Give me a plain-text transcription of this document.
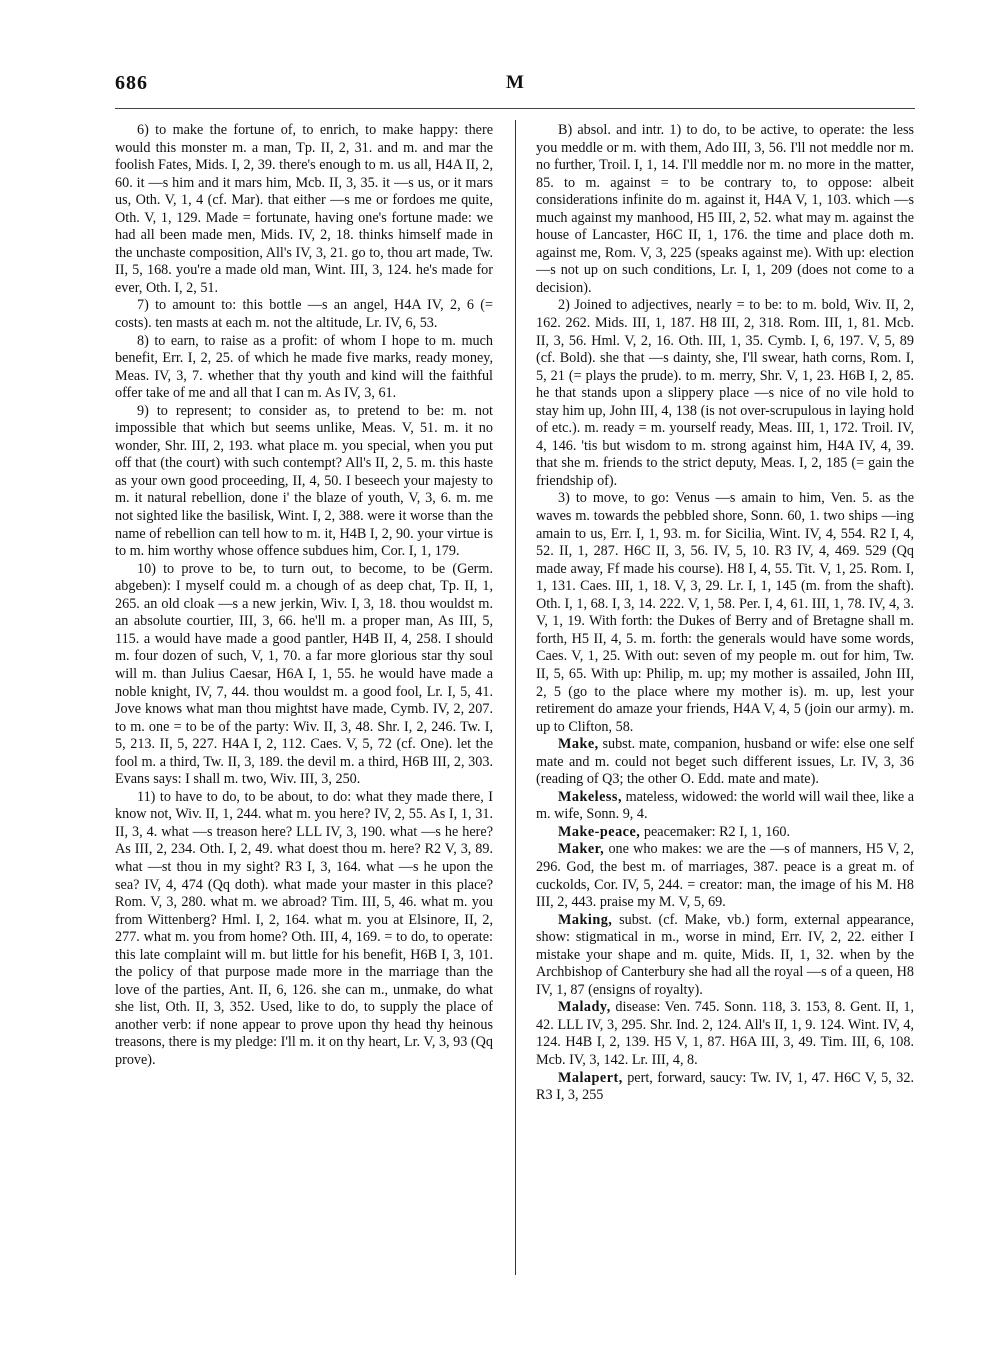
686	M

6) to make the fortune of, to enrich, to make happy: there would this monster m. a man, Tp. II, 2, 31. and m. and mar the foolish Fates, Mids. I, 2, 39. there's enough to m. us all, H4A II, 2, 60. it —s him and it mars him, Mcb. II, 3, 35. it —s us, or it mars us, Oth. V, 1, 4 (cf. Mar). that either —s me or fordoes me quite, Oth. V, 1, 129. Made = fortunate, having one's fortune made: we had all been made men, Mids. IV, 2, 18. thinks himself made in the unchaste composition, All's IV, 3, 21. go to, thou art made, Tw. II, 5, 168. you're a made old man, Wint. III, 3, 124. he's made for ever, Oth. I, 2, 51.

7) to amount to: this bottle —s an angel, H4A IV, 2, 6 (= costs). ten masts at each m. not the altitude, Lr. IV, 6, 53.

8) to earn, to raise as a profit: of whom I hope to m. much benefit, Err. I, 2, 25. of which he made five marks, ready money, Meas. IV, 3, 7. whether that thy youth and kind will the faithful offer take of me and all that I can m. As IV, 3, 61.

9) to represent; to consider as, to pretend to be: m. not impossible that which but seems unlike, Meas. V, 51. m. it no wonder, Shr. III, 2, 193. what place m. you special, when you put off that (the court) with such contempt? All's II, 2, 5. m. this haste as your own good proceeding, II, 4, 50. I beseech your majesty to m. it natural rebellion, done i' the blaze of youth, V, 3, 6. m. me not sighted like the basilisk, Wint. I, 2, 388. were it worse than the name of rebellion can tell how to m. it, H4B I, 2, 90. your virtue is to m. him worthy whose offence subdues him, Cor. I, 1, 179.

10) to prove to be, to turn out, to become, to be (Germ. abgeben): I myself could m. a chough of as deep chat, Tp. II, 1, 265. an old cloak —s a new jerkin, Wiv. I, 3, 18. thou wouldst m. an absolute courtier, III, 3, 66. he'll m. a proper man, As III, 5, 115. a would have made a good pantler, H4B II, 4, 258. I should m. four dozen of such, V, 1, 70. a far more glorious star thy soul will m. than Julius Caesar, H6A I, 1, 55. he would have made a noble knight, IV, 7, 44. thou wouldst m. a good fool, Lr. I, 5, 41. Jove knows what man thou mightst have made, Cymb. IV, 2, 207. to m. one = to be of the party: Wiv. II, 3, 48. Shr. I, 2, 246. Tw. I, 5, 213. II, 5, 227. H4A I, 2, 112. Caes. V, 5, 72 (cf. One). let the fool m. a third, Tw. II, 3, 189. the devil m. a third, H6B III, 2, 303. Evans says: I shall m. two, Wiv. III, 3, 250.

11) to have to do, to be about, to do: what they made there, I know not, Wiv. II, 1, 244. what m. you here? IV, 2, 55. As I, 1, 31. II, 3, 4. what —s treason here? LLL IV, 3, 190. what —s he here? As III, 2, 234. Oth. I, 2, 49. what doest thou m. here? R2 V, 3, 89. what —st thou in my sight? R3 I, 3, 164. what —s he upon the sea? IV, 4, 474 (Qq doth). what made your master in this place? Rom. V, 3, 280. what m. we abroad? Tim. III, 5, 46. what m. you from Wittenberg? Hml. I, 2, 164. what m. you at Elsinore, II, 2, 277. what m. you from home? Oth. III, 4, 169. = to do, to operate: this late complaint will m. but little for his benefit, H6B I, 3, 101. the policy of that purpose made more in the marriage than the love of the parties, Ant. II, 6, 126. she can m., unmake, do what she list, Oth. II, 3, 352. Used, like to do, to supply the place of another verb: if none appear to prove upon thy head thy heinous treasons, there is my pledge: I'll m. it on thy heart, Lr. V, 3, 93 (Qq prove).

B) absol. and intr. 1) to do, to be active, to operate: the less you meddle or m. with them, Ado III, 3, 56. I'll not meddle nor m. no further, Troil. I, 1, 14. I'll meddle nor m. no more in the matter, 85. to m. against = to be contrary to, to oppose: albeit considerations infinite do m. against it, H4A V, 1, 103. which —s much against my manhood, H5 III, 2, 52. what may m. against the house of Lancaster, H6C II, 1, 176. the time and place doth m. against me, Rom. V, 3, 225 (speaks against me). With up: election —s not up on such conditions, Lr. I, 1, 209 (does not come to a decision).

2) Joined to adjectives, nearly = to be: to m. bold, Wiv. II, 2, 162. 262. Mids. III, 1, 187. H8 III, 2, 318. Rom. III, 1, 81. Mcb. II, 3, 56. Hml. V, 2, 16. Oth. III, 1, 35. Cymb. I, 6, 197. V, 5, 89 (cf. Bold). she that —s dainty, she, I'll swear, hath corns, Rom. I, 5, 21 (= plays the prude). to m. merry, Shr. V, 1, 23. H6B I, 2, 85. he that stands upon a slippery place —s nice of no vile hold to stay him up, John III, 4, 138 (is not over-scrupulous in laying hold of etc.). m. ready = m. yourself ready, Meas. III, 1, 172. Troil. IV, 4, 146. 'tis but wisdom to m. strong against him, H4A IV, 4, 39. that she m. friends to the strict deputy, Meas. I, 2, 185 (= gain the friendship of).

3) to move, to go: Venus —s amain to him, Ven. 5. as the waves m. towards the pebbled shore, Sonn. 60, 1. two ships —ing amain to us, Err. I, 1, 93. m. for Sicilia, Wint. IV, 4, 554. R2 I, 4, 52. II, 1, 287. H6C II, 3, 56. IV, 5, 10. R3 IV, 4, 469. 529 (Qq made away, Ff made his course). H8 I, 4, 55. Tit. V, 1, 25. Rom. I, 1, 131. Caes. III, 1, 18. V, 3, 29. Lr. I, 1, 145 (m. from the shaft). Oth. I, 1, 68. I, 3, 14. 222. V, 1, 58. Per. I, 4, 61. III, 1, 78. IV, 4, 3. V, 1, 19. With forth: the Dukes of Berry and of Bretagne shall m. forth, H5 II, 4, 5. m. forth: the generals would have some words, Caes. V, 1, 25. With out: seven of my people m. out for him, Tw. II, 5, 65. With up: Philip, m. up; my mother is assailed, John III, 2, 5 (go to the place where my mother is). m. up, lest your retirement do amaze your friends, H4A V, 4, 5 (join our army). m. up to Clifton, 58.

Make, subst. mate, companion, husband or wife: else one self mate and m. could not beget such different issues, Lr. IV, 3, 36 (reading of Q3; the other O. Edd. mate and mate).

Makeless, mateless, widowed: the world will wail thee, like a m. wife, Sonn. 9, 4.

Make-peace, peacemaker: R2 I, 1, 160.

Maker, one who makes: we are the —s of manners, H5 V, 2, 296. God, the best m. of marriages, 387. peace is a great m. of cuckolds, Cor. IV, 5, 244. = creator: man, the image of his M. H8 III, 2, 443. praise my M. V, 5, 69.

Making, subst. (cf. Make, vb.) form, external appearance, show: stigmatical in m., worse in mind, Err. IV, 2, 22. either I mistake your shape and m. quite, Mids. II, 1, 32. when by the Archbishop of Canterbury she had all the royal —s of a queen, H8 IV, 1, 87 (ensigns of royalty).

Malady, disease: Ven. 745. Sonn. 118, 3. 153, 8. Gent. II, 1, 42. LLL IV, 3, 295. Shr. Ind. 2, 124. All's II, 1, 9. 124. Wint. IV, 4, 124. H4B I, 2, 139. H5 V, 1, 87. H6A III, 3, 49. Tim. III, 6, 108. Mcb. IV, 3, 142. Lr. III, 4, 8.

Malapert, pert, forward, saucy: Tw. IV, 1, 47. H6C V, 5, 32. R3 I, 3, 255
